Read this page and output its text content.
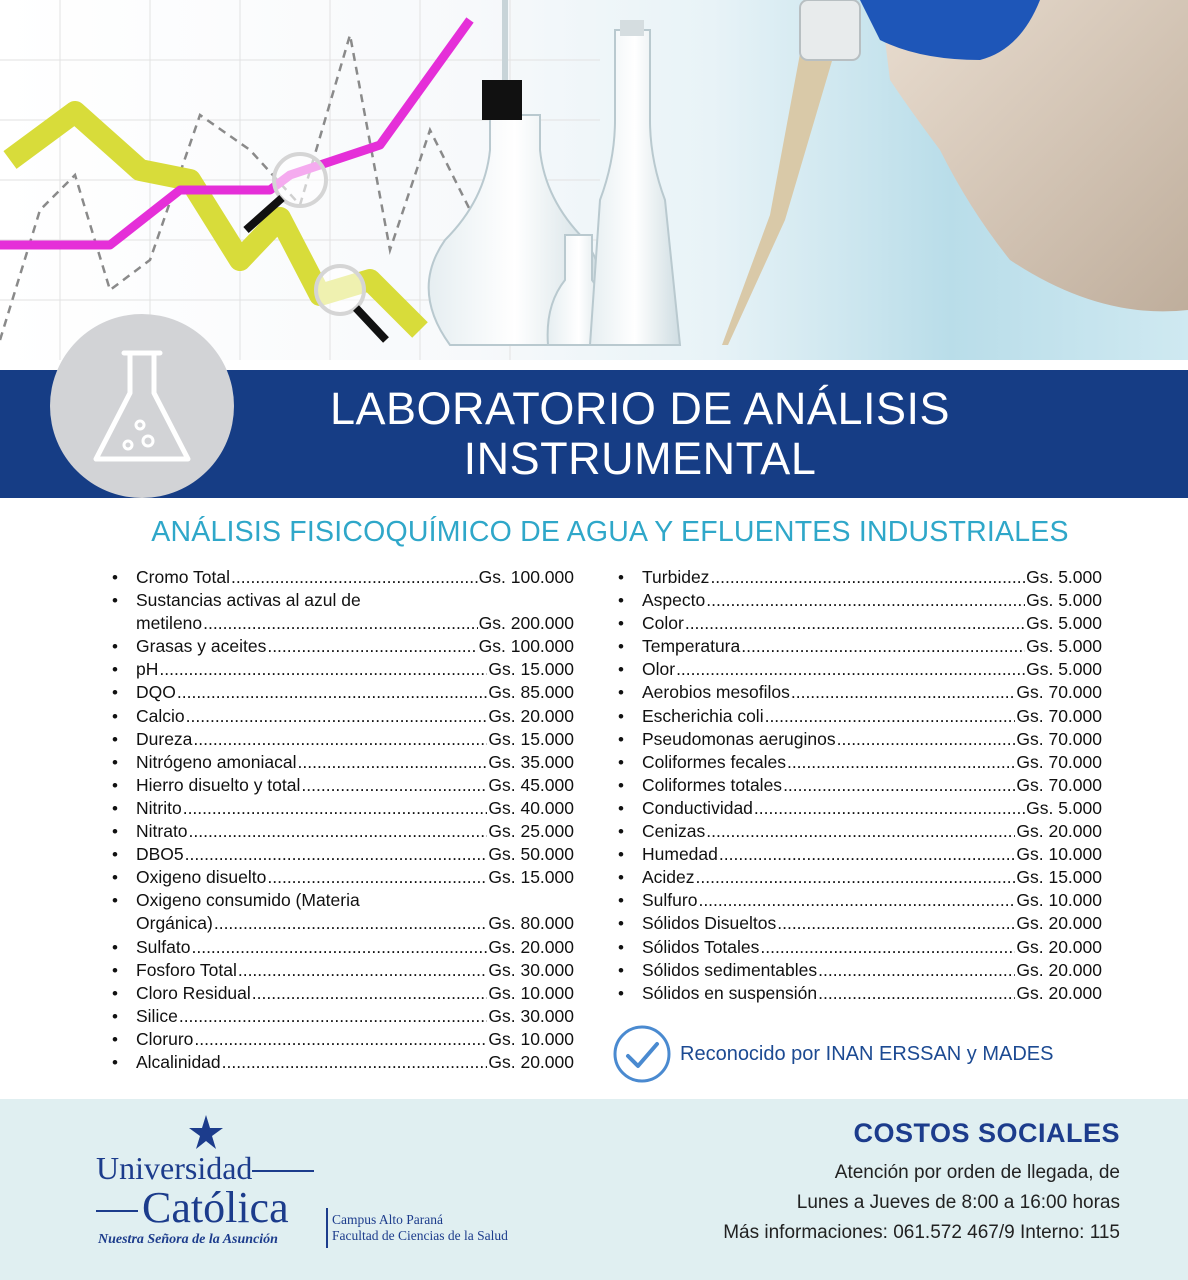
LABORATORIO DE ANÁLISIS
INSTRUMENTAL
ANÁLISIS FISICOQUÍMICO DE AGUA Y EFLUENTES INDUSTRIALES
• Cromo Total .....	Gs. 100.000
• Sustancias activas al azul de
metileno .....	Gs. 200.000
• Grasas y aceites .....	Gs. 100.000
• pH .....	Gs. 15.000
• DQO .....	Gs. 85.000
• Calcio .....	Gs. 20.000
• Dureza .....	Gs. 15.000
• Nitrógeno amoniacal .....	Gs. 35.000
• Hierro disuelto y total .....	Gs. 45.000
• Nitrito .....	Gs. 40.000
• Nitrato .....	Gs. 25.000
• DBO5 .....	Gs. 50.000
• Oxigeno disuelto .....	Gs. 15.000
• Oxigeno consumido (Materia
Orgánica) .....	Gs. 80.000
• Sulfato .....	Gs. 20.000
• Fosforo Total .....	Gs. 30.000
• Cloro Residual .....	Gs. 10.000
• Silice .....	Gs. 30.000
• Cloruro .....	Gs. 10.000
• Alcalinidad .....	Gs. 20.000
• Turbidez .....	Gs. 5.000
• Aspecto .....	Gs. 5.000
• Color .....	Gs. 5.000
• Temperatura .....	Gs. 5.000
• Olor .....	Gs. 5.000
• Aerobios mesofilos .....	Gs. 70.000
• Escherichia coli .....	Gs. 70.000
• Pseudomonas aeruginos .....	Gs. 70.000
• Coliformes fecales .....	Gs. 70.000
• Coliformes totales .....	Gs. 70.000
• Conductividad .....	Gs. 5.000
• Cenizas .....	Gs. 20.000
• Humedad .....	Gs. 10.000
• Acidez .....	Gs. 15.000
• Sulfuro .....	Gs. 10.000
• Sólidos Disueltos .....	Gs. 20.000
• Sólidos Totales .....	Gs. 20.000
• Sólidos sedimentables .....	Gs. 20.000
• Sólidos en suspensión .....	Gs. 20.000
Reconocido por INAN ERSSAN y MADES
Universidad
Católica
Nuestra Señora de la Asunción
Campus Alto Paraná
Facultad de Ciencias de la Salud
COSTOS SOCIALES
Atención por orden de llegada, de
Lunes a Jueves de 8:00 a 16:00 horas
Más informaciones: 061.572 467/9 Interno: 115
